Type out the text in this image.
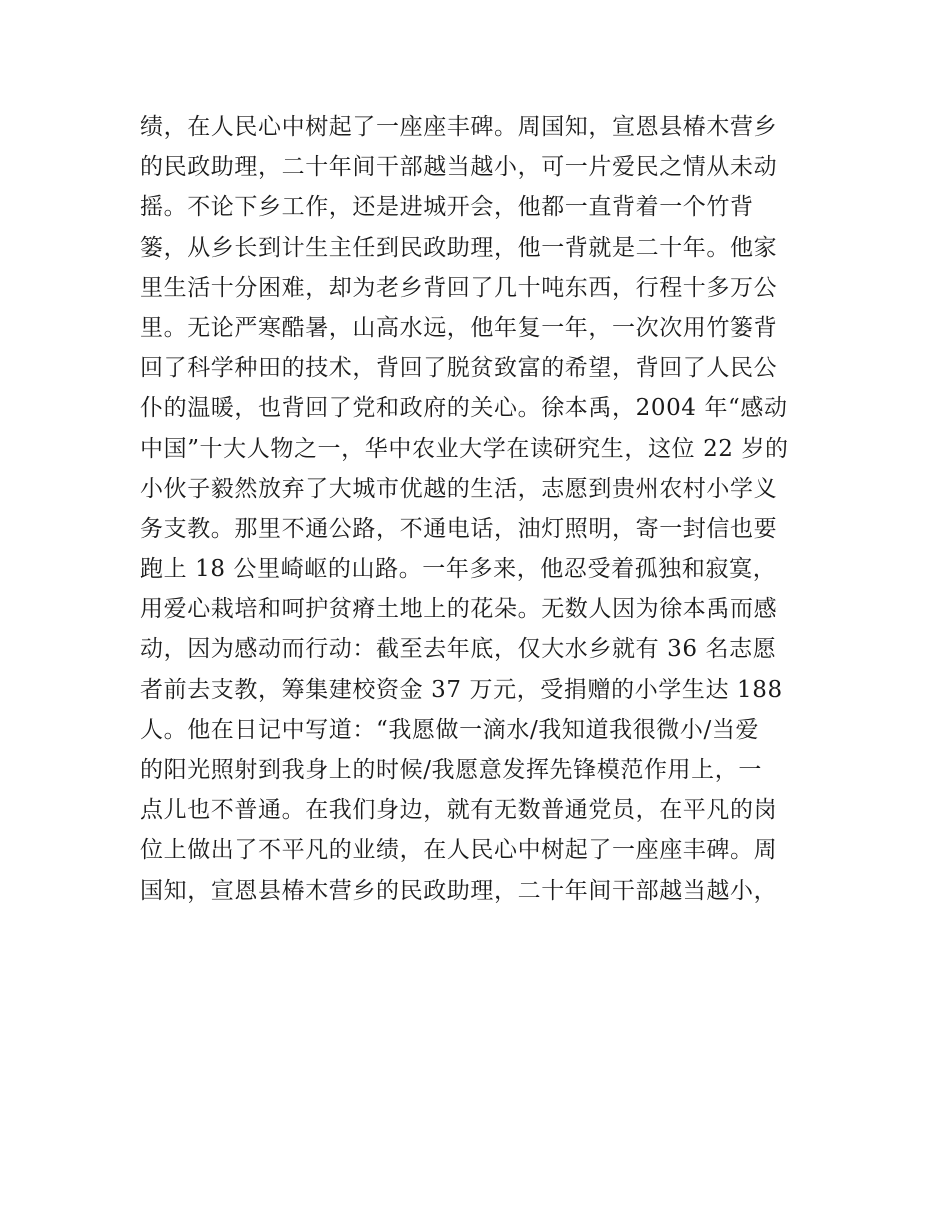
绩，在人民心中树起了一座座丰碑。周国知，宣恩县椿木营乡
的民政助理，二十年间干部越当越小，可一片爱民之情从未动
摇。不论下乡工作，还是进城开会，他都一直背着一个竹背
篓，从乡长到计生主任到民政助理，他一背就是二十年。他家
里生活十分困难，却为老乡背回了几十吨东西，行程十多万公
里。无论严寒酷暑，山高水远，他年复一年，一次次用竹篓背
回了科学种田的技术，背回了脱贫致富的希望，背回了人民公
仆的温暖，也背回了党和政府的关心。徐本禹，2004 年“感动
中国”十大人物之一，华中农业大学在读研究生，这位 22 岁的
小伙子毅然放弃了大城市优越的生活，志愿到贵州农村小学义
务支教。那里不通公路，不通电话，油灯照明，寄一封信也要
跑上 18 公里崎岖的山路。一年多来，他忍受着孤独和寂寞，
用爱心栽培和呵护贫瘠土地上的花朵。无数人因为徐本禹而感
动，因为感动而行动：截至去年底，仅大水乡就有 36 名志愿
者前去支教，筹集建校资金 37 万元，受捐赠的小学生达 188
人。他在日记中写道：“我愿做一滴水/我知道我很微小/当爱
的阳光照射到我身上的时候/我愿意发挥先锋模范作用上，一
点儿也不普通。在我们身边，就有无数普通党员，在平凡的岗
位上做出了不平凡的业绩，在人民心中树起了一座座丰碑。周
国知，宣恩县椿木营乡的民政助理，二十年间干部越当越小，
